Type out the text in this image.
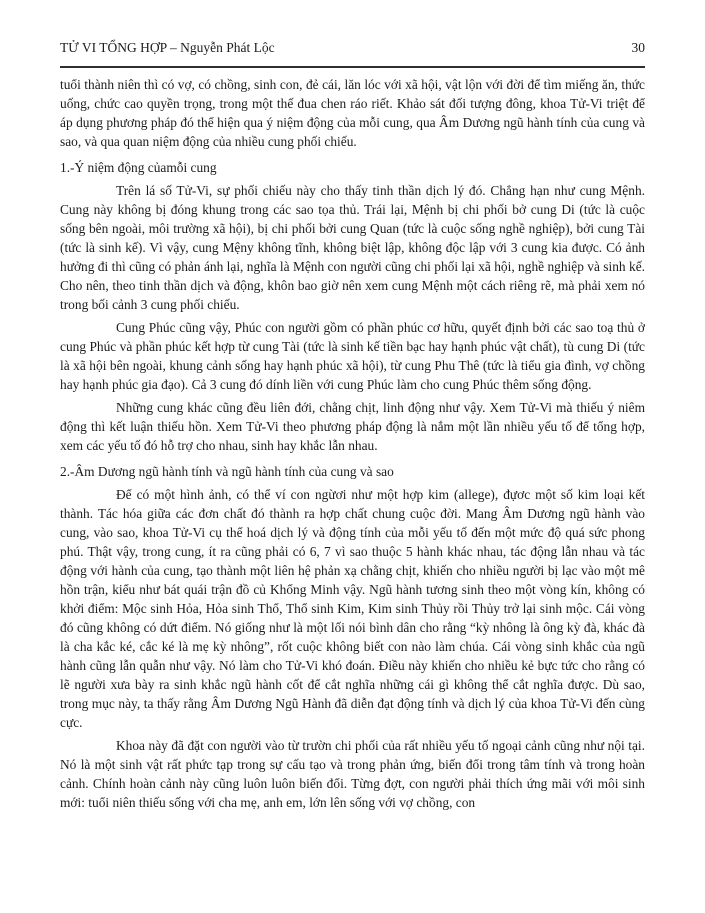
TỬ VI TỔNG HỢP – Nguyễn Phát Lộc	30

tuổi thành niên thì có vợ, có chồng, sinh con, đẻ cái, lăn lóc với xã hội, vật lộn với đời để tìm miếng ăn, thức uống, chức cao quyền trọng, trong một thế đua chen ráo riết. Khảo sát đối tượng đông, khoa Tử-Vi triệt để áp dụng phương pháp đó thể hiện qua ý niệm động của mỗi cung, qua Âm Dương ngũ hành tính của cung và sao, và qua quan niệm động của nhiều cung phối chiếu.

1.-Ý niệm động củamỗi cung

Trên lá số Tử-Vi, sự phối chiếu này cho thấy tinh thần dịch lý đó. Chẳng hạn như cung Mệnh. Cung này không bị đóng khung trong các sao tọa thủ. Trái lại, Mệnh bị chi phối bở cung Di (tức là cuộc sống bên ngoài, môi trường xã hội), bị chi phối bởi cung Quan (tức là cuộc sống nghề nghiệp), bởi cung Tài (tức là sinh kế). Vì vậy, cung Mệny không tĩnh, không biệt lập, không độc lập với 3 cung kia được. Có ảnh hưởng đi thì cũng có phản ánh lại, nghĩa là Mệnh con người cũng chi phối lại xã hội, nghề nghiệp và sinh kế. Cho nên, theo tinh thần dịch và động, khôn bao giờ nên xem cung Mệnh một cách riêng rẽ, mà phải xem nó trong bối cảnh 3 cung phối chiếu.

Cung Phúc cũng vậy, Phúc con người gồm có phần phúc cơ hữu, quyết định bởi các sao toạ thủ ở cung Phúc và phần phúc kết hợp từ cung Tài (tức là sinh kế tiền bạc hay hạnh phúc vật chất), tù cung Di (tức là xã hội bên ngoài, khung cảnh sống hay hạnh phúc xã hội), từ cung Phu Thê (tức là tiểu gia đình, vợ chồng hay hạnh phúc gia đạo). Cả 3 cung đó dính liền với cung Phúc làm cho cung Phúc thêm sống động.

Những cung khác cũng đều liên đới, chằng chịt, linh động như vậy. Xem Tử-Vi mà thiếu ý niêm động thì kết luận thiếu hồn. Xem Tử-Vi theo phương pháp động là nắm một lần nhiều yếu tố để tổng hợp, xem các yếu tố đó hỗ trợ cho nhau, sinh hay khắc lẫn nhau.

2.-Âm Dương ngũ hành tính và ngũ hành tính của cung và sao

Để có một hình ảnh, có thể ví con ngừơi như một hợp kim (allege), đựơc một số kim loại kết thành. Tác hóa giữa các đơn chất đó thành ra hợp chất chung cuộc đời. Mang Âm Dương ngũ hành vào cung, vào sao, khoa Tử-Vi cụ thể hoá dịch lý và động tính của mỗi yếu tố đến một mức độ quá sức phong phú. Thật vậy, trong cung, ít ra cũng phải có 6, 7 vì sao thuộc 5 hành khác nhau, tác động lẫn nhau và tác động với hành của cung, tạo thành một liên hệ phản xạ chằng chịt, khiến cho nhiều người bị lạc vào một mê hồn trận, kiểu như bát quái trận đồ củ Khổng Minh vậy. Ngũ hành tương sinh theo một vòng kín, không có khởi điểm: Mộc sinh Hỏa, Hỏa sinh Thổ, Thổ sinh Kim, Kim sinh Thủy rồi Thủy trở lại sinh mộc. Cái vòng đó cũng không có dứt điểm. Nó giống như là một lối nói bình dân cho rằng “kỳ nhông là ông kỳ đà, khác đà là cha kắc ké, cắc ké là mẹ kỳ nhông”, rốt cuộc không biết con nào làm chúa. Cái vòng sinh khắc của ngũ hành cũng lẫn quẫn như vậy. Nó làm cho Tử-Vi khó đoán. Điều này khiến cho nhiều kẻ bực tức cho rằng có lẽ người xưa bày ra sinh khắc ngũ hành cốt để cắt nghĩa những cái gì không thể cắt nghĩa được. Dù sao, trong mục này, ta thấy rằng Âm Dương Ngũ Hành đã diễn đạt động tính và dịch lý của khoa Tử-Vi đến cùng cực.

Khoa này đã đặt con người vào từ trườn chi phối của rất nhiều yếu tố ngoại cảnh cũng như nội tại. Nó là một sinh vật rất phức tạp trong sự cấu tạo và trong phản ứng, biến đổi trong tâm tính và trong hoàn cảnh. Chính hoàn cảnh này cũng luôn luôn biến đổi. Từng đợt, con người phải thích ứng mãi với môi sinh mới: tuổi niên thiếu sống với cha mẹ, anh em, lớn lên sống với vợ chồng, con
